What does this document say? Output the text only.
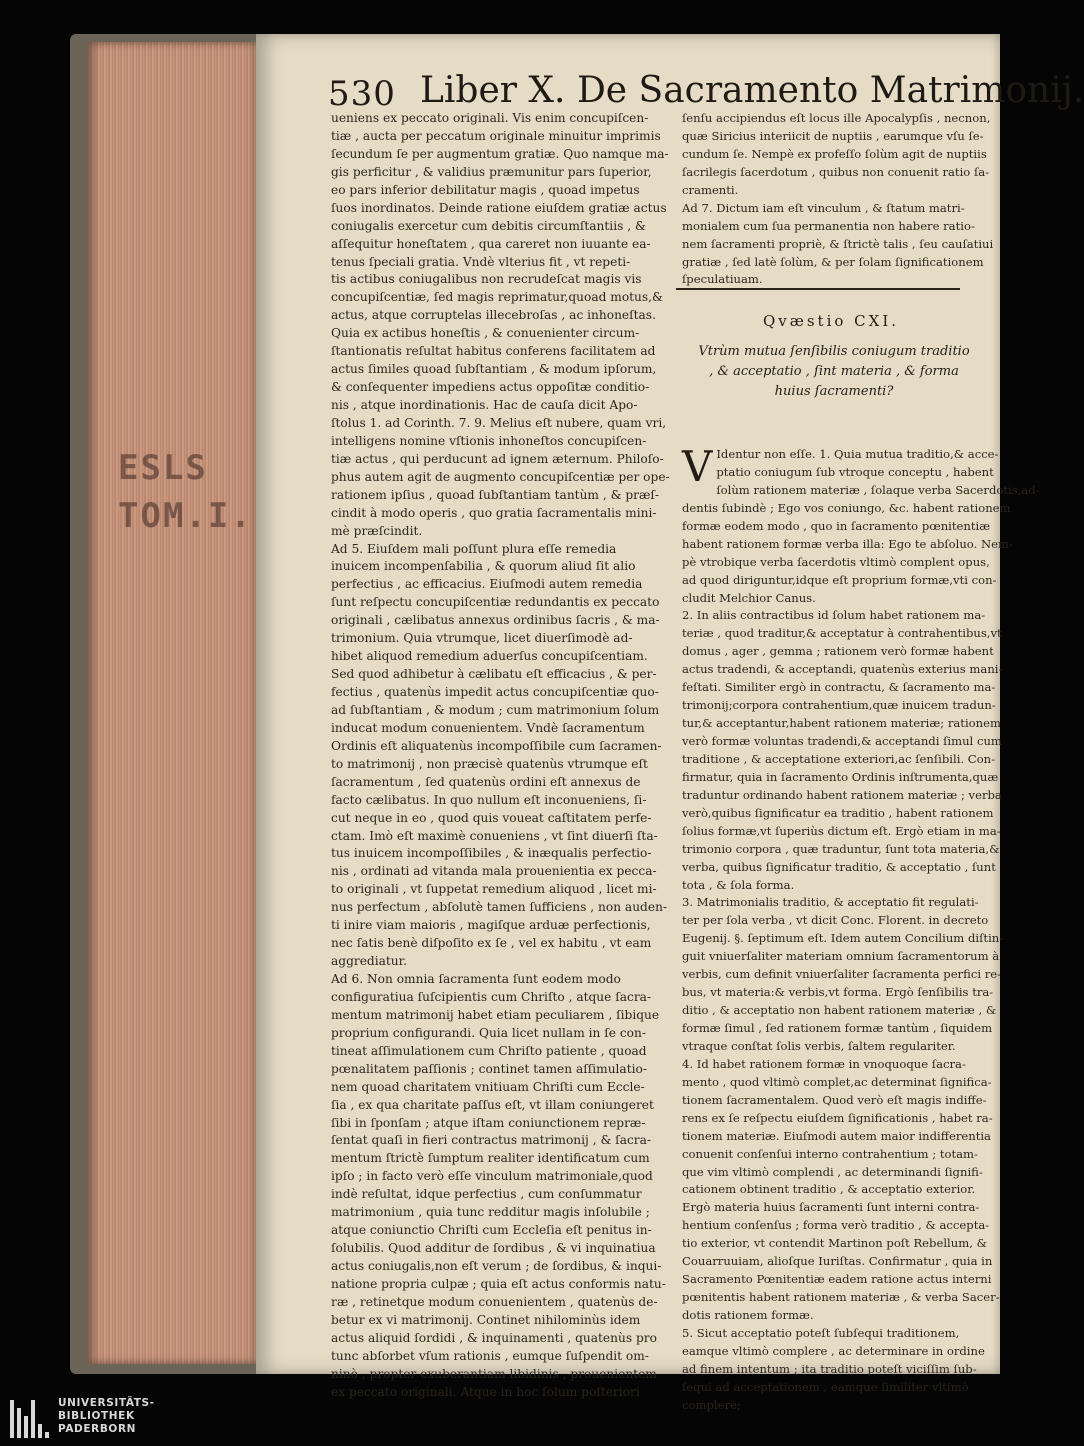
ESLS
TOM.I.
530 Liber X. De Sacramento Matrimonij.
ueniens ex peccato originali. Vis enim concupiſcen-
tiæ , aucta per peccatum originale minuitur imprimis
ſecundum ſe per augmentum gratiæ. Quo namque ma-
gis perficitur , & validius præmunitur pars ſuperior,
eo pars inferior debilitatur magis , quoad impetus
ſuos inordinatos. Deinde ratione eiuſdem gratiæ actus
coniugalis exercetur cum debitis circumſtantiis , &
aſſequitur honeſtatem , qua careret non iuuante ea-
tenus ſpeciali gratia. Vndè vlterius fit , vt repeti-
tis actibus coniugalibus non recrudeſcat magis vis
concupiſcentiæ, ſed magis reprimatur,quoad motus,&
actus, atque corruptelas illecebroſas , ac inhoneſtas.
Quia ex actibus honeſtis , & conuenienter circum-
ſtantionatis reſultat habitus conferens facilitatem ad
actus ſimiles quoad ſubſtantiam , & modum ipſorum,
& conſequenter impediens actus oppoſitæ conditio-
nis , atque inordinationis. Hac de cauſa dicit Apo-
ſtolus 1. ad Corinth. 7. 9. Melius eſt nubere, quam vri,
intelligens nomine vſtionis inhoneſtos concupiſcen-
tiæ actus , qui perducunt ad ignem æternum. Philoſo-
phus autem agit de augmento concupiſcentiæ per ope-
rationem ipſius , quoad ſubſtantiam tantùm , & præſ-
cindit à modo operis , quo gratia ſacramentalis mini-
mè præſcindit.
Ad 5. Eiuſdem mali poſſunt plura eſſe remedia
inuicem incompenſabilia , & quorum aliud ſit alio
perfectius , ac efficacius. Eiuſmodi autem remedia
ſunt reſpectu concupiſcentiæ redundantis ex peccato
originali , cælibatus annexus ordinibus ſacris , & ma-
trimonium. Quia vtrumque, licet diuerſimodè ad-
hibet aliquod remedium aduerſus concupiſcentiam.
Sed quod adhibetur à cælibatu eſt efficacius , & per-
fectius , quatenùs impedit actus concupiſcentiæ quo-
ad ſubſtantiam , & modum ; cum matrimonium ſolum
inducat modum conuenientem. Vndè ſacramentum
Ordinis eſt aliquatenùs incompoſſibile cum ſacramen-
to matrimonij , non præcisè quatenùs vtrumque eſt
ſacramentum , ſed quatenùs ordini eſt annexus de
facto cælibatus. In quo nullum eſt inconueniens, ſi-
cut neque in eo , quod quis voueat caſtitatem perfe-
ctam. Imò eſt maximè conueniens , vt ſint diuerſi ſta-
tus inuicem incompoſſibiles , & inæqualis perfectio-
nis , ordinati ad vitanda mala prouenientia ex pecca-
to originali , vt ſuppetat remedium aliquod , licet mi-
nus perfectum , abſolutè tamen ſufficiens , non auden-
ti inire viam maioris , magiſque arduæ perfectionis,
nec ſatis benè diſpoſito ex ſe , vel ex habitu , vt eam
aggrediatur.
Ad 6. Non omnia ſacramenta ſunt eodem modo
configuratiua ſuſcipientis cum Chriſto , atque ſacra-
mentum matrimonij habet etiam peculiarem , ſibique
proprium configurandi. Quia licet nullam in ſe con-
tineat aſſimulationem cum Chriſto patiente , quoad
pœnalitatem paſſionis ; continet tamen aſſimulatio-
nem quoad charitatem vnitiuam Chriſti cum Eccle-
ſia , ex qua charitate paſſus eſt, vt illam coniungeret
ſibi in ſponſam ; atque iſtam coniunctionem repræ-
ſentat quaſi in fieri contractus matrimonij , & ſacra-
mentum ſtrictè ſumptum realiter identificatum cum
ipſo ; in facto verò eſſe vinculum matrimoniale,quod
indè reſultat, idque perfectius , cum conſummatur
matrimonium , quia tunc redditur magis inſolubile ;
atque coniunctio Chriſti cum Eccleſia eſt penitus in-
ſolubilis. Quod additur de ſordibus , & vi inquinatiua
actus coniugalis,non eſt verum ; de ſordibus, & inqui-
natione propria culpæ ; quia eſt actus conformis natu-
ræ , retinetque modum conuenientem , quatenùs de-
betur ex vi matrimonij. Continet nihilominùs idem
actus aliquid ſordidi , & inquinamenti , quatenùs pro
tunc abſorbet vſum rationis , eumque ſuſpendit om-
ninò , propter exuberantiam libidinis , prouenientem
ex peccato originali. Atque in hoc ſolum poſteriori
ſenſu accipiendus eſt locus ille Apocalypſis , necnon,
quæ Siricius interiicit de nuptiis , earumque vſu ſe-
cundum ſe. Nempè ex profeſſo ſolùm agit de nuptiis
ſacrilegis ſacerdotum , quibus non conuenit ratio ſa-
cramenti.
Ad 7. Dictum iam eſt vinculum , & ſtatum matri-
monialem cum ſua permanentia non habere ratio-
nem ſacramenti propriè, & ſtrictè talis , ſeu cauſatiui
gratiæ , ſed latè ſolùm, & per ſolam ſignificationem
ſpeculatiuam.
Qvæstio CXI.
Vtrùm mutua ſenſibilis coniugum traditio , & acceptatio , ſint materia , & forma huius ſacramenti?
V Identur non eſſe. 1. Quia mutua traditio,& acce-
ptatio coniugum ſub vtroque conceptu , habent
ſolùm rationem materiæ , ſolaque verba Sacerdotis,ad-
dentis ſubindè ; Ego vos coniungo, &c. habent rationem
formæ eodem modo , quo in ſacramento pœnitentiæ
habent rationem formæ verba illa: Ego te abſoluo. Nem-
pè vtrobique verba ſacerdotis vltimò complent opus,
ad quod diriguntur,idque eſt proprium formæ,vti con-
cludit Melchior Canus.
2. In aliis contractibus id ſolum habet rationem ma-
teriæ , quod traditur,& acceptatur à contrahentibus,vt
domus , ager , gemma ; rationem verò formæ habent
actus tradendi, & acceptandi, quatenùs exterius mani-
feſtati. Similiter ergò in contractu, & ſacramento ma-
trimonij;corpora contrahentium,quæ inuicem tradun-
tur,& acceptantur,habent rationem materiæ; rationem
verò formæ voluntas tradendi,& acceptandi ſimul cum
traditione , & acceptatione exteriori,ac ſenſibili. Con-
firmatur, quia in ſacramento Ordinis inſtrumenta,quæ
traduntur ordinando habent rationem materiæ ; verba
verò,quibus ſignificatur ea traditio , habent rationem
ſolius formæ,vt ſuperiùs dictum eſt. Ergò etiam in ma-
trimonio corpora , quæ traduntur, ſunt tota materia,&
verba, quibus ſignificatur traditio, & acceptatio , ſunt
tota , & ſola forma.
3. Matrimonialis traditio, & acceptatio fit regulati-
ter per ſola verba , vt dicit Conc. Florent. in decreto
Eugenij. §. ſeptimum eſt. Idem autem Concilium diſtin-
guit vniuerſaliter materiam omnium ſacramentorum à
verbis, cum definit vniuerſaliter ſacramenta perfici re-
bus, vt materia:& verbis,vt forma. Ergò ſenſibilis tra-
ditio , & acceptatio non habent rationem materiæ , &
formæ ſimul , ſed rationem formæ tantùm , ſiquidem
vtraque conſtat ſolis verbis, ſaltem regulariter.
4. Id habet rationem formæ in vnoquoque ſacra-
mento , quod vltimò complet,ac determinat ſignifica-
tionem ſacramentalem. Quod verò eſt magis indiffe-
rens ex ſe reſpectu eiuſdem ſignificationis , habet ra-
tionem materiæ. Eiuſmodi autem maior indifferentia
conuenit conſenſui interno contrahentium ; totam-
que vim vltimò complendi , ac determinandi ſignifi-
cationem obtinent traditio , & acceptatio exterior.
Ergò materia huius ſacramenti ſunt interni contra-
hentium conſenſus ; forma verò traditio , & accepta-
tio exterior, vt contendit Martinon poſt Rebellum, &
Couarruuiam, alioſque Iuriſtas. Confirmatur , quia in
Sacramento Pœnitentiæ eadem ratione actus interni
pœnitentis habent rationem materiæ , & verba Sacer-
dotis rationem formæ.
5. Sicut acceptatio poteſt ſubſequi traditionem,
eamque vltimò complere , ac determinare in ordine
ad finem intentum ; ita traditio poteſt viciſſim ſub-
ſequi ad acceptationem , eamque ſimiliter vltimò
complere;
UNIVERSITÄTS-
BIBLIOTHEK
PADERBORN
